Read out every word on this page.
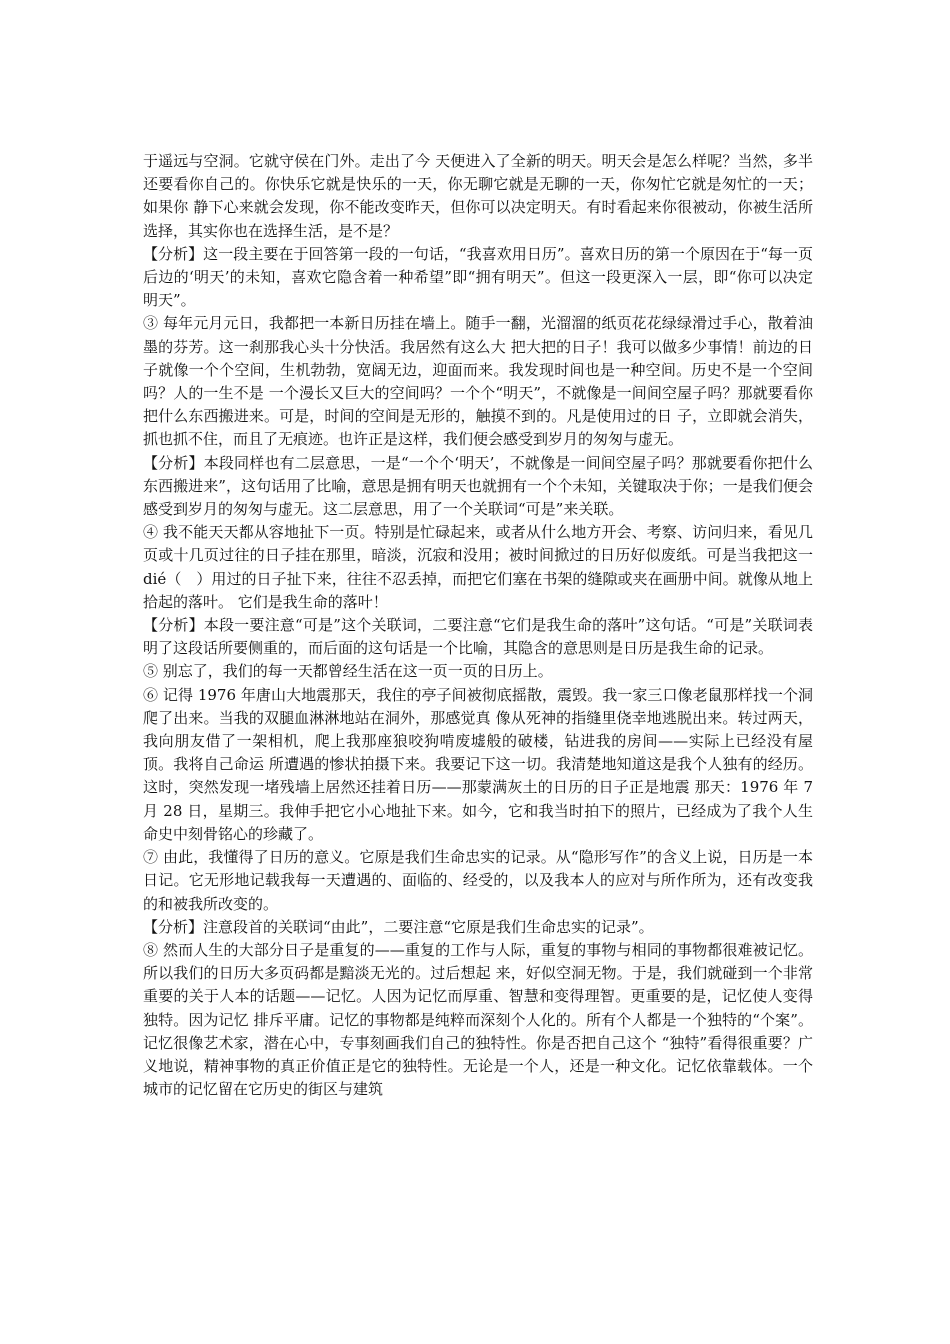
于遥远与空洞。它就守侯在门外。走出了今 天便进入了全新的明天。明天会是怎么样呢？当然，多半还要看你自己的。你快乐它就是快乐的一天，你无聊它就是无聊的一天，你匆忙它就是匆忙的一天；如果你 静下心来就会发现，你不能改变昨天，但你可以决定明天。有时看起来你很被动，你被生活所选择，其实你也在选择生活，是不是？

【分析】这一段主要在于回答第一段的一句话，“我喜欢用日历”。喜欢日历的第一个原因在于“每一页后边的‘明天’的未知，喜欢它隐含着一种希望”即“拥有明天”。但这一段更深入一层，即“你可以决定明天”。

③ 每年元月元日，我都把一本新日历挂在墙上。随手一翻，光溜溜的纸页花花绿绿滑过手心，散着油墨的芬芳。这一刹那我心头十分快活。我居然有这么大 把大把的日子！我可以做多少事情！前边的日子就像一个个空间，生机勃勃，宽阔无边，迎面而来。我发现时间也是一种空间。历史不是一个空间吗？人的一生不是 一个漫长又巨大的空间吗？一个个“明天”，不就像是一间间空屋子吗？那就要看你把什么东西搬进来。可是，时间的空间是无形的，触摸不到的。凡是使用过的日 子，立即就会消失，抓也抓不住，而且了无痕迹。也许正是这样，我们便会感受到岁月的匆匆与虚无。

【分析】本段同样也有二层意思，一是“一个个‘明天’，不就像是一间间空屋子吗？那就要看你把什么东西搬进来”，这句话用了比喻，意思是拥有明天也就拥有一个个未知，关键取决于你；一是我们便会感受到岁月的匆匆与虚无。这二层意思，用了一个关联词“可是”来关联。

④ 我不能天天都从容地扯下一页。特别是忙碌起来，或者从什么地方开会、考察、访问归来，看见几页或十几页过往的日子挂在那里，暗淡，沉寂和没用；被时间掀过的日历好似废纸。可是当我把这一 dié（　）用过的日子扯下来，往往不忍丢掉，而把它们塞在书架的缝隙或夹在画册中间。就像从地上拾起的落叶。 它们是我生命的落叶！

【分析】本段一要注意“可是”这个关联词，二要注意“它们是我生命的落叶”这句话。“可是”关联词表明了这段话所要侧重的，而后面的这句话是一个比喻，其隐含的意思则是日历是我生命的记录。

⑤ 别忘了，我们的每一天都曾经生活在这一页一页的日历上。

⑥ 记得 1976 年唐山大地震那天，我住的亭子间被彻底摇散，震毁。我一家三口像老鼠那样找一个洞爬了出来。当我的双腿血淋淋地站在洞外，那感觉真 像从死神的指缝里侥幸地逃脱出来。转过两天，我向朋友借了一架相机，爬上我那座狼咬狗啃废墟般的破楼，钻进我的房间——实际上已经没有屋顶。我将自己命运 所遭遇的惨状拍摄下来。我要记下这一切。我清楚地知道这是我个人独有的经历。这时，突然发现一堵残墙上居然还挂着日历——那蒙满灰土的日历的日子正是地震 那天：1976 年 7 月 28 日，星期三。我伸手把它小心地扯下来。如今，它和我当时拍下的照片，已经成为了我个人生命史中刻骨铭心的珍藏了。

⑦ 由此，我懂得了日历的意义。它原是我们生命忠实的记录。从“隐形写作”的含义上说，日历是一本日记。它无形地记载我每一天遭遇的、面临的、经受的，以及我本人的应对与所作所为，还有改变我的和被我所改变的。

【分析】注意段首的关联词“由此”，二要注意“它原是我们生命忠实的记录”。

⑧ 然而人生的大部分日子是重复的——重复的工作与人际，重复的事物与相同的事物都很难被记忆。所以我们的日历大多页码都是黯淡无光的。过后想起 来，好似空洞无物。于是，我们就碰到一个非常重要的关于人本的话题——记忆。人因为记忆而厚重、智慧和变得理智。更重要的是，记忆使人变得独特。因为记忆 排斥平庸。记忆的事物都是纯粹而深刻个人化的。所有个人都是一个独特的“个案”。记忆很像艺术家，潜在心中，专事刻画我们自己的独特性。你是否把自己这个 “独特”看得很重要？广义地说，精神事物的真正价值正是它的独特性。无论是一个人，还是一种文化。记忆依靠载体。一个城市的记忆留在它历史的街区与建筑
